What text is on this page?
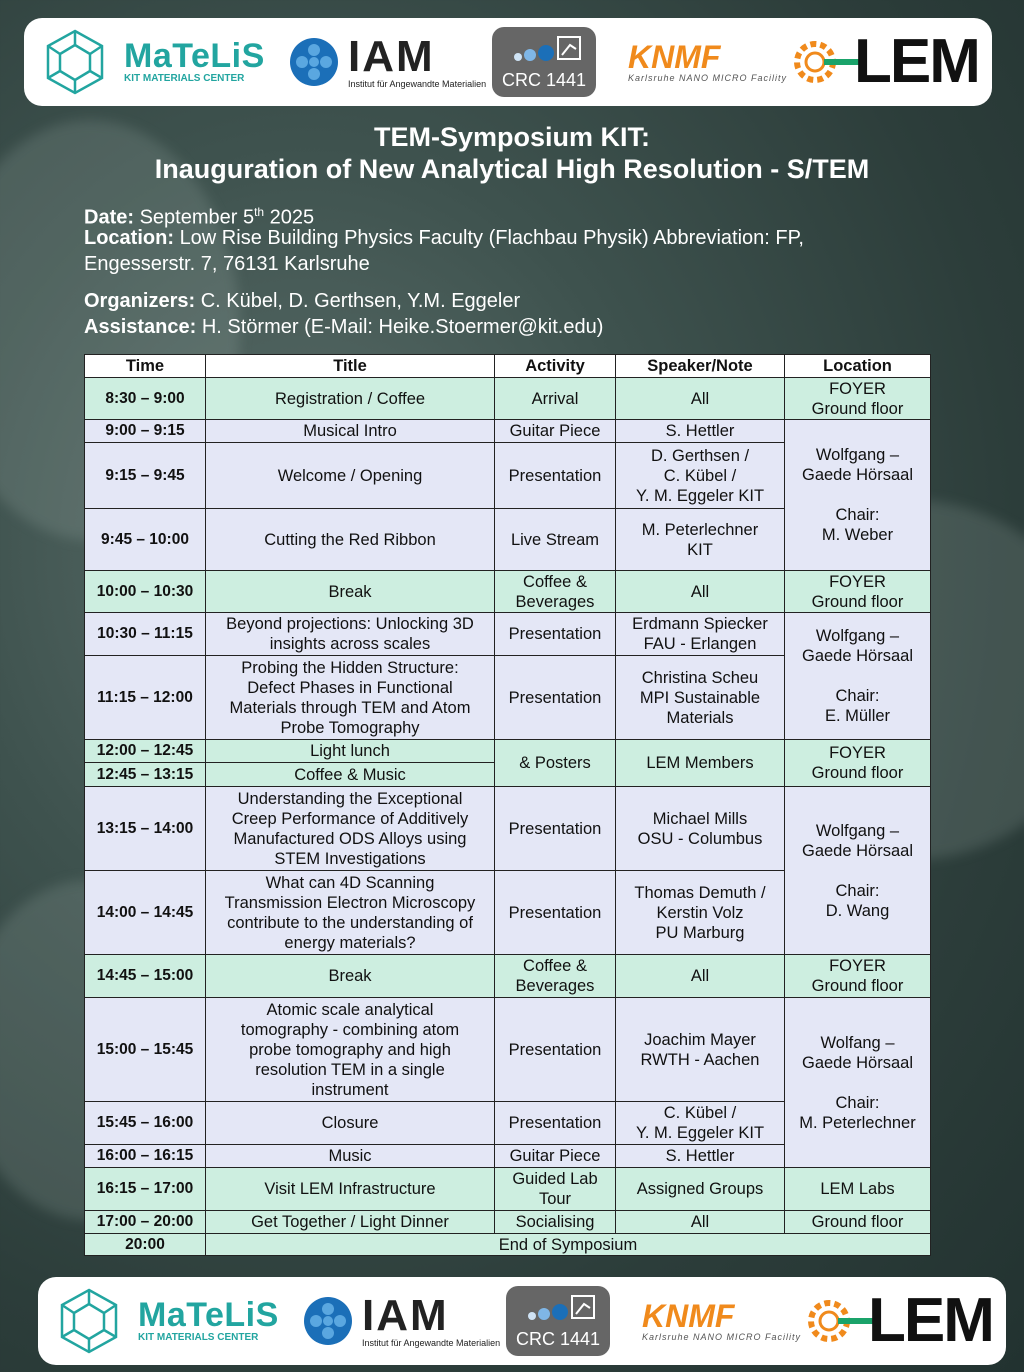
MaTeLiS
KIT MATERIALS CENTER	IAM
Institut für Angewandte Materialien CRC 1441
KNMF
Karlsruhe NANO MICRO Facility LEM
TEM-Symposium KIT:
Inauguration of New Analytical High Resolution - S/TEM
Date: September 5th 2025
Location: Low Rise Building Physics Faculty (Flachbau Physik) Abbreviation: FP,
Engesserstr. 7, 76131 Karlsruhe
Organizers: C. Kübel, D. Gerthsen, Y.M. Eggeler
Assistance: H. Störmer (E-Mail: Heike.Stoermer@kit.edu)
Time	Title	Activity	Speaker/Note	Location
8:30 – 9:00	Registration / Coffee	Arrival	All	FOYER
Ground floor
9:00 – 9:15	Musical Intro	Guitar Piece	S. Hettler	Wolfgang –
Gaede Hörsaal

Chair:
M. Weber
9:15 – 9:45	Welcome / Opening	Presentation	D. Gerthsen /
C. Kübel /
Y. M. Eggeler KIT	
9:45 – 10:00	Cutting the Red Ribbon	Live Stream	M. Peterlechner
KIT	
10:00 – 10:30	Break	Coffee &
Beverages	All	FOYER
Ground floor
10:30 – 11:15	Beyond projections: Unlocking 3D
insights across scales	Presentation	Erdmann Spiecker
FAU - Erlangen	Wolfgang –
Gaede Hörsaal

Chair:
E. Müller
11:15 – 12:00	Probing the Hidden Structure:
Defect Phases in Functional
Materials through TEM and Atom
Probe Tomography	Presentation	Christina Scheu
MPI Sustainable
Materials	
12:00 – 12:45	Light lunch	& Posters	LEM Members	FOYER
Ground floor
12:45 – 13:15	Coffee & Music			
13:15 – 14:00	Understanding the Exceptional
Creep Performance of Additively
Manufactured ODS Alloys using
STEM Investigations	Presentation	Michael Mills
OSU - Columbus	Wolfgang –
Gaede Hörsaal

Chair:
D. Wang
14:00 – 14:45	What can 4D Scanning
Transmission Electron Microscopy
contribute to the understanding of
energy materials?	Presentation	Thomas Demuth /
Kerstin Volz
PU Marburg	
14:45 – 15:00	Break	Coffee &
Beverages	All	FOYER
Ground floor
15:00 – 15:45	Atomic scale analytical
tomography - combining atom
probe tomography and high
resolution TEM in a single
instrument	Presentation	Joachim Mayer
RWTH - Aachen	Wolfang –
Gaede Hörsaal

Chair:
M. Peterlechner
15:45 – 16:00	Closure	Presentation	C. Kübel /
Y. M. Eggeler KIT	
16:00 – 16:15	Music	Guitar Piece	S. Hettler	
16:15 – 17:00	Visit LEM Infrastructure	Guided Lab
Tour	Assigned Groups	LEM Labs
17:00 – 20:00	Get Together / Light Dinner	Socialising	All	Ground floor
20:00	End of Symposium			
MaTeLiS
KIT MATERIALS CENTER	IAM
Institut für Angewandte Materialien CRC 1441
KNMF
Karlsruhe NANO MICRO Facility LEM
